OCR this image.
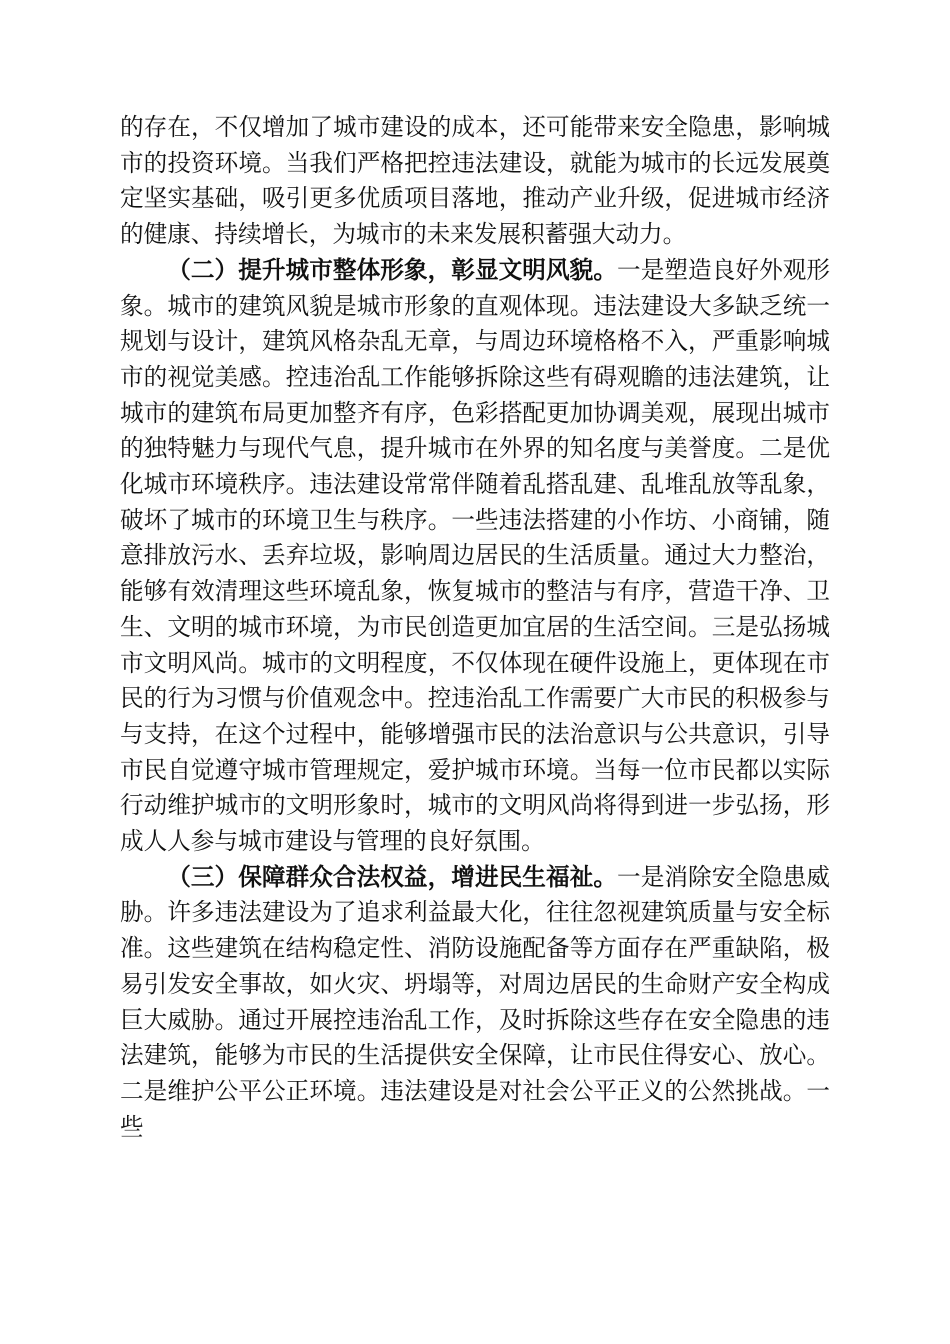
的存在，不仅增加了城市建设的成本，还可能带来安全隐患，影响城市的投资环境。当我们严格把控违法建设，就能为城市的长远发展奠定坚实基础，吸引更多优质项目落地，推动产业升级，促进城市经济的健康、持续增长，为城市的未来发展积蓄强大动力。

（二）提升城市整体形象，彰显文明风貌。一是塑造良好外观形象。城市的建筑风貌是城市形象的直观体现。违法建设大多缺乏统一规划与设计，建筑风格杂乱无章，与周边环境格格不入，严重影响城市的视觉美感。控违治乱工作能够拆除这些有碍观瞻的违法建筑，让城市的建筑布局更加整齐有序，色彩搭配更加协调美观，展现出城市的独特魅力与现代气息，提升城市在外界的知名度与美誉度。二是优化城市环境秩序。违法建设常常伴随着乱搭乱建、乱堆乱放等乱象，破坏了城市的环境卫生与秩序。一些违法搭建的小作坊、小商铺，随意排放污水、丢弃垃圾，影响周边居民的生活质量。通过大力整治，能够有效清理这些环境乱象，恢复城市的整洁与有序，营造干净、卫生、文明的城市环境，为市民创造更加宜居的生活空间。三是弘扬城市文明风尚。城市的文明程度，不仅体现在硬件设施上，更体现在市民的行为习惯与价值观念中。控违治乱工作需要广大市民的积极参与与支持，在这个过程中，能够增强市民的法治意识与公共意识，引导市民自觉遵守城市管理规定，爱护城市环境。当每一位市民都以实际行动维护城市的文明形象时，城市的文明风尚将得到进一步弘扬，形成人人参与城市建设与管理的良好氛围。

（三）保障群众合法权益，增进民生福祉。一是消除安全隐患威胁。许多违法建设为了追求利益最大化，往往忽视建筑质量与安全标准。这些建筑在结构稳定性、消防设施配备等方面存在严重缺陷，极易引发安全事故，如火灾、坍塌等，对周边居民的生命财产安全构成巨大威胁。通过开展控违治乱工作，及时拆除这些存在安全隐患的违法建筑，能够为市民的生活提供安全保障，让市民住得安心、放心。二是维护公平公正环境。违法建设是对社会公平正义的公然挑战。一些
